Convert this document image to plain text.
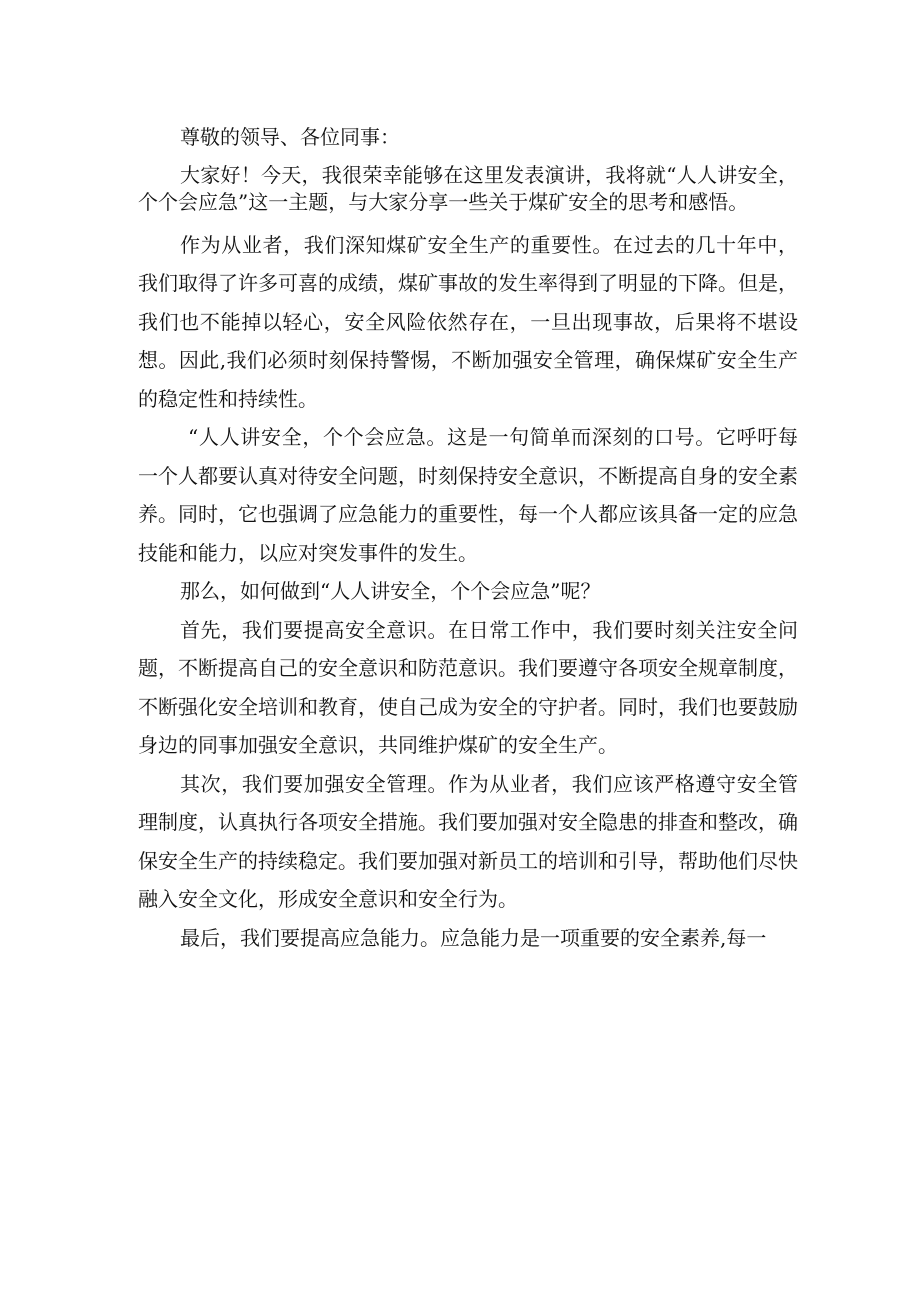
尊敬的领导、各位同事：

大家好！今天，我很荣幸能够在这里发表演讲，我将就“人人讲安全，个个会应急”这一主题，与大家分享一些关于煤矿安全的思考和感悟。

作为从业者，我们深知煤矿安全生产的重要性。在过去的几十年中，我们取得了许多可喜的成绩，煤矿事故的发生率得到了明显的下降。但是，我们也不能掉以轻心，安全风险依然存在，一旦出现事故，后果将不堪设想。因此,我们必须时刻保持警惕，不断加强安全管理，确保煤矿安全生产的稳定性和持续性。

“人人讲安全，个个会应急。这是一句简单而深刻的口号。它呼吁每一个人都要认真对待安全问题，时刻保持安全意识，不断提高自身的安全素养。同时，它也强调了应急能力的重要性，每一个人都应该具备一定的应急技能和能力，以应对突发事件的发生。

那么，如何做到“人人讲安全，个个会应急”呢？

首先，我们要提高安全意识。在日常工作中，我们要时刻关注安全问题，不断提高自己的安全意识和防范意识。我们要遵守各项安全规章制度，不断强化安全培训和教育，使自己成为安全的守护者。同时，我们也要鼓励身边的同事加强安全意识，共同维护煤矿的安全生产。

其次，我们要加强安全管理。作为从业者，我们应该严格遵守安全管理制度，认真执行各项安全措施。我们要加强对安全隐患的排查和整改，确保安全生产的持续稳定。我们要加强对新员工的培训和引导，帮助他们尽快融入安全文化，形成安全意识和安全行为。

最后，我们要提高应急能力。应急能力是一项重要的安全素养,每一
